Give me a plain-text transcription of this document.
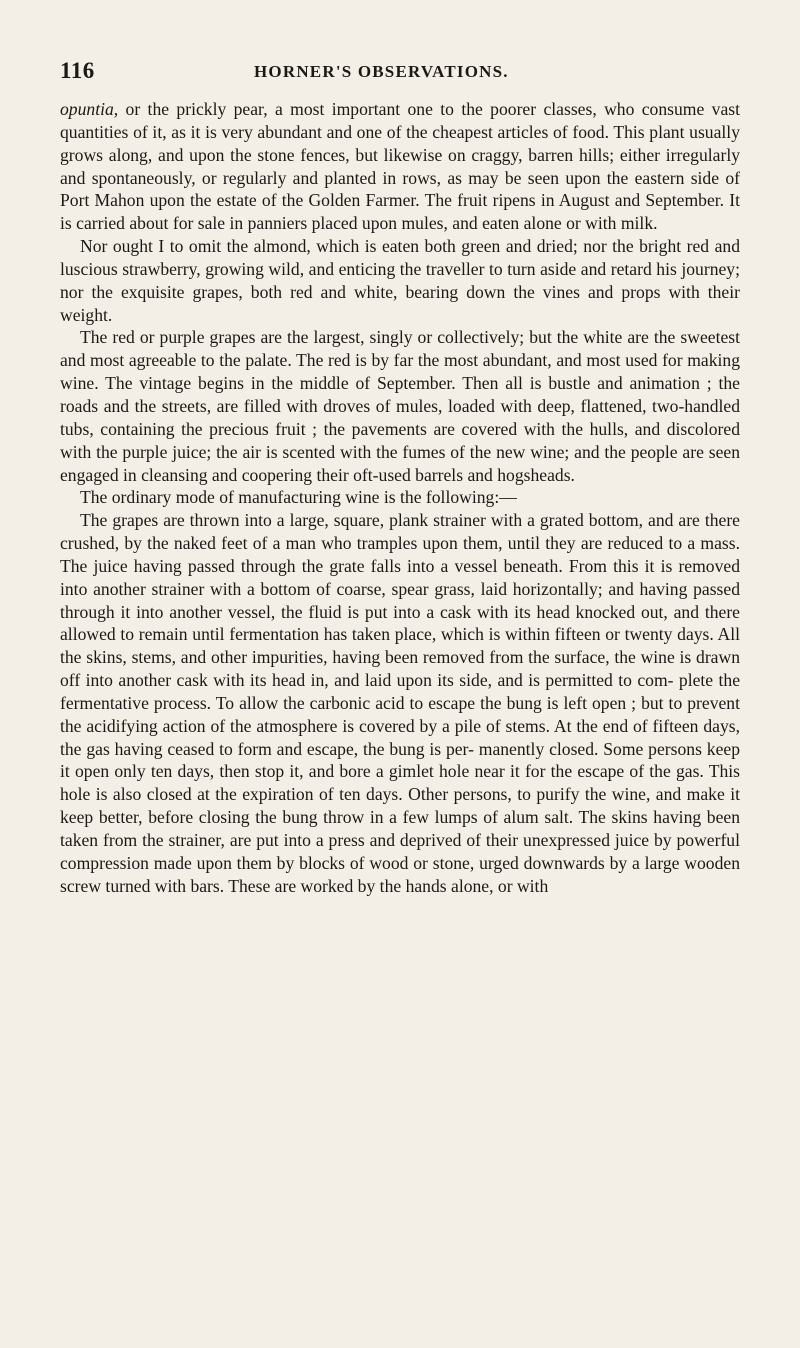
116	HORNER'S OBSERVATIONS.

opuntia, or the prickly pear, a most important one to the poorer classes, who consume vast quantities of it, as it is very abundant and one of the cheapest articles of food. This plant usually grows along, and upon the stone fences, but likewise on craggy, barren hills; either irregularly and spontaneously, or regularly and planted in rows, as may be seen upon the eastern side of Port Mahon upon the estate of the Golden Farmer. The fruit ripens in August and September. It is carried about for sale in panniers placed upon mules, and eaten alone or with milk.

Nor ought I to omit the almond, which is eaten both green and dried; nor the bright red and luscious strawberry, growing wild, and enticing the traveller to turn aside and retard his journey; nor the exquisite grapes, both red and white, bearing down the vines and props with their weight.

The red or purple grapes are the largest, singly or collectively; but the white are the sweetest and most agreeable to the palate. The red is by far the most abundant, and most used for making wine. The vintage begins in the middle of September. Then all is bustle and animation ; the roads and the streets, are filled with droves of mules, loaded with deep, flattened, two-handled tubs, containing the precious fruit ; the pavements are covered with the hulls, and discolored with the purple juice; the air is scented with the fumes of the new wine; and the people are seen engaged in cleansing and coopering their oft-used barrels and hogsheads.

The ordinary mode of manufacturing wine is the following:—

The grapes are thrown into a large, square, plank strainer with a grated bottom, and are there crushed, by the naked feet of a man who tramples upon them, until they are reduced to a mass. The juice having passed through the grate falls into a vessel beneath. From this it is removed into another strainer with a bottom of coarse, spear grass, laid horizontally; and having passed through it into another vessel, the fluid is put into a cask with its head knocked out, and there allowed to remain until fermentation has taken place, which is within fifteen or twenty days. All the skins, stems, and other impurities, having been removed from the surface, the wine is drawn off into another cask with its head in, and laid upon its side, and is permitted to com- plete the fermentative process. To allow the carbonic acid to escape the bung is left open ; but to prevent the acidifying action of the atmosphere is covered by a pile of stems. At the end of fifteen days, the gas having ceased to form and escape, the bung is per- manently closed. Some persons keep it open only ten days, then stop it, and bore a gimlet hole near it for the escape of the gas. This hole is also closed at the expiration of ten days. Other persons, to purify the wine, and make it keep better, before closing the bung throw in a few lumps of alum salt. The skins having been taken from the strainer, are put into a press and deprived of their unexpressed juice by powerful compression made upon them by blocks of wood or stone, urged downwards by a large wooden screw turned with bars. These are worked by the hands alone, or with
